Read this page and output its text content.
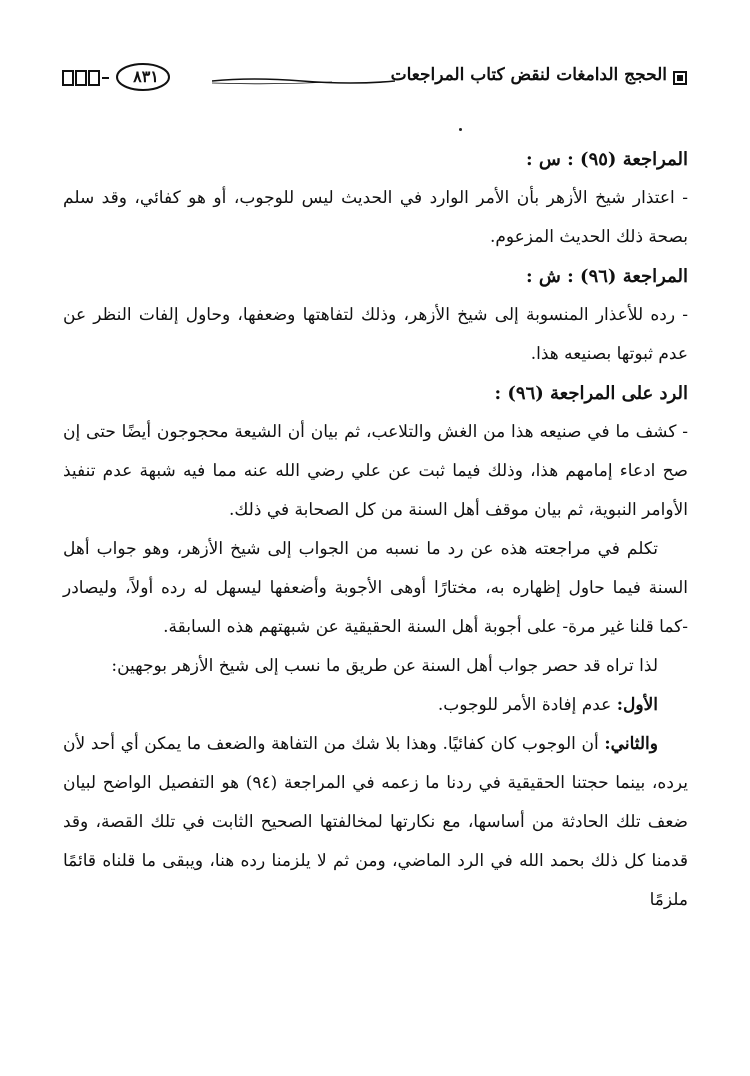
الحجج الدامغات لنقض كتاب المراجعات
٨٣١

المراجعة (٩٥) : س :

- اعتذار شيخ الأزهر بأن الأمر الوارد في الحديث ليس للوجوب، أو هو كفائي، وقد سلم بصحة ذلك الحديث المزعوم.

المراجعة (٩٦) : ش :

- رده للأعذار المنسوبة إلى شيخ الأزهر، وذلك لتفاهتها وضعفها، وحاول إلفات النظر عن عدم ثبوتها بصنيعه هذا.

الرد على المراجعة (٩٦) :

- كشف ما في صنيعه هذا من الغش والتلاعب، ثم بيان أن الشيعة محجوجون أيضًا حتى إن صح ادعاء إمامهم هذا، وذلك فيما ثبت عن علي رضي الله عنه مما فيه شبهة عدم تنفيذ الأوامر النبوية، ثم بيان موقف أهل السنة من كل الصحابة في ذلك.

تكلم في مراجعته هذه عن رد ما نسبه من الجواب إلى شيخ الأزهر، وهو جواب أهل السنة فيما حاول إظهاره به، مختارًا أوهى الأجوبة وأضعفها ليسهل له رده أولاً، وليصادر -كما قلنا غير مرة- على أجوبة أهل السنة الحقيقية عن شبهتهم هذه السابقة.

لذا تراه قد حصر جواب أهل السنة عن طريق ما نسب إلى شيخ الأزهر بوجهين:

الأول: عدم إفادة الأمر للوجوب.

والثاني: أن الوجوب كان كفائيًا. وهذا بلا شك من التفاهة والضعف ما يمكن أي أحد لأن يرده، بينما حجتنا الحقيقية في ردنا ما زعمه في المراجعة (٩٤) هو التفصيل الواضح لبيان ضعف تلك الحادثة من أساسها، مع نكارتها لمخالفتها الصحيح الثابت في تلك القصة، وقد قدمنا كل ذلك بحمد الله في الرد الماضي، ومن ثم لا يلزمنا رده هنا، ويبقى ما قلناه قائمًا ملزمًا
